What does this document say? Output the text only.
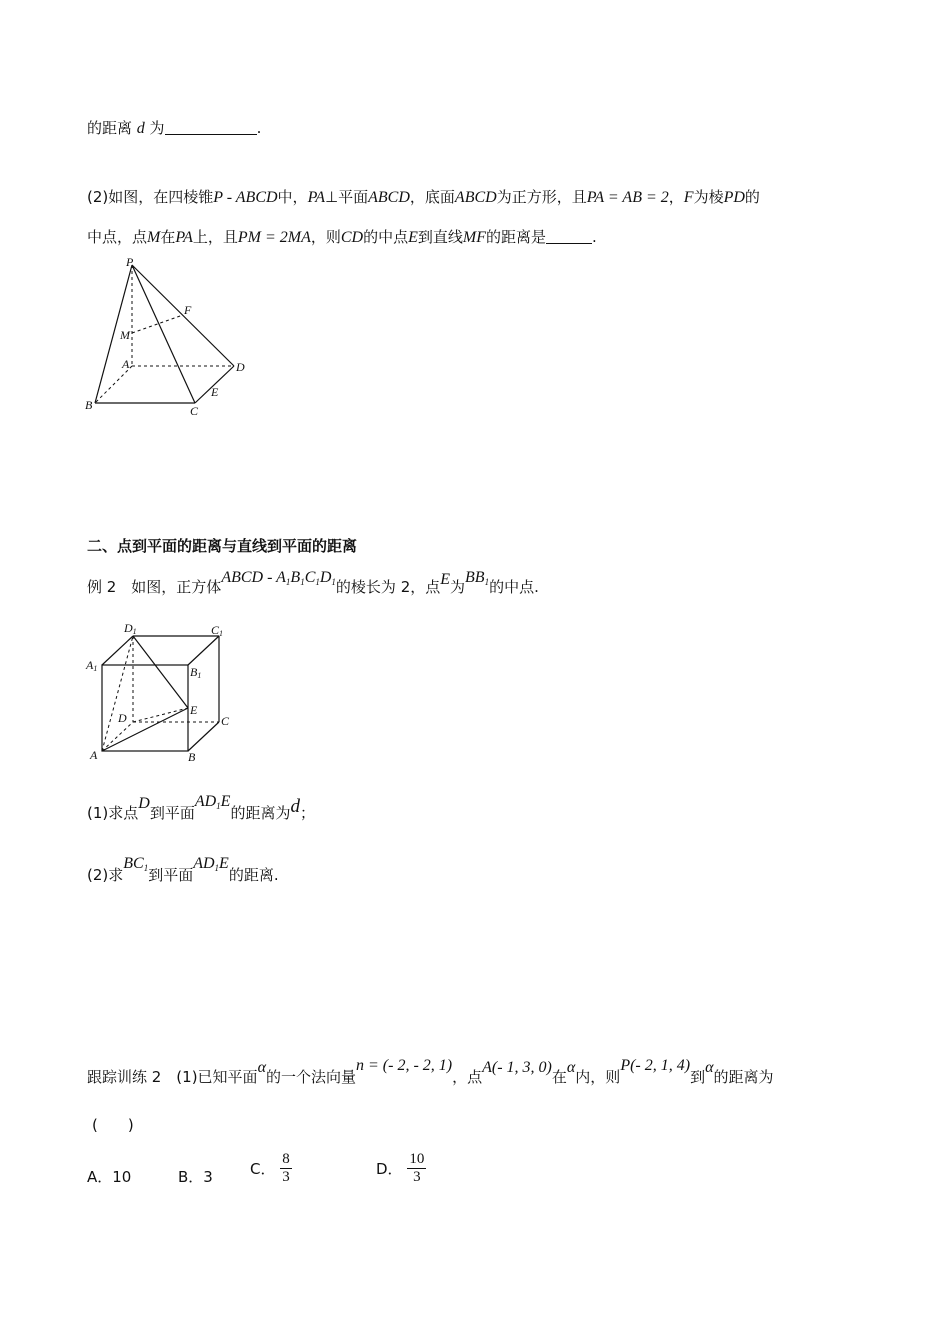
的距离 d 为	.
(2)如图，在四棱锥P - ABCD中，PA⊥平面ABCD，底面ABCD为正方形，且PA = AB = 2，F为棱PD的
中点，点M在PA上，且PM = 2MA，则CD的中点E到直线MF的距离是	.
P
F
M
A	D
B	C
E
二、点到平面的距离与直线到平面的距离
例 2　如图，正方体ABCD - $A_1B_1C_1D_1$的棱长为 2，点E为$BB_1$的中点.
D1	C1
A1	B1
D
E
C
A	B
(1)求点D到平面$AD_1E$的距离为d；
(2)求$BC_1$到平面$AD_1E$的距离.
跟踪训练 2　(1)已知平面α的一个法向量n = (- 2, - 2, 1)，点A(- 1, 3, 0)在α内，则P(- 2, 1, 4)到α的距离为
(　　)
A．10	B．3 C． $\frac{8}{3}$	D． $\frac{10}{3}$
